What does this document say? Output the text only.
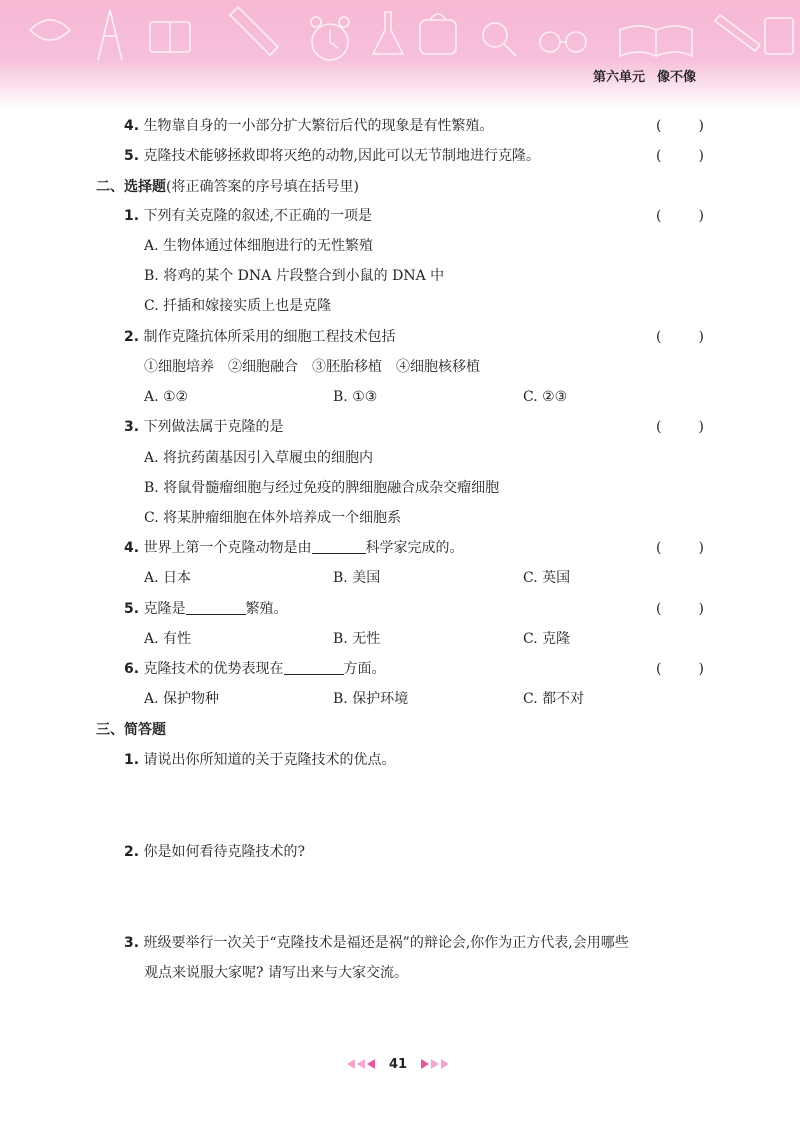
第六单元 像不像
4. 生物靠自身的一小部分扩大繁衍后代的现象是有性繁殖。	(	)
5. 克隆技术能够拯救即将灭绝的动物,因此可以无节制地进行克隆。	(	)
二、选择题(将正确答案的序号填在括号里)
1. 下列有关克隆的叙述,不正确的一项是	(	)
A. 生物体通过体细胞进行的无性繁殖
B. 将鸡的某个 DNA 片段整合到小鼠的 DNA 中
C. 扦插和嫁接实质上也是克隆
2. 制作克隆抗体所采用的细胞工程技术包括	(	)
①细胞培养　②细胞融合　③胚胎移植　④细胞核移植
A. ①②	B. ①③	C. ②③
3. 下列做法属于克隆的是	(	)
A. 将抗药菌基因引入草履虫的细胞内
B. 将鼠骨髓瘤细胞与经过免疫的脾细胞融合成杂交瘤细胞
C. 将某肿瘤细胞在体外培养成一个细胞系
4. 世界上第一个克隆动物是由	科学家完成的。	(	)
A. 日本	B. 美国	C. 英国
5. 克隆是	繁殖。	(	)
A. 有性	B. 无性	C. 克隆
6. 克隆技术的优势表现在	方面。	(	)
A. 保护物种	B. 保护环境	C. 都不对
三、简答题
1. 请说出你所知道的关于克隆技术的优点。
2. 你是如何看待克隆技术的?
3. 班级要举行一次关于“克隆技术是福还是祸”的辩论会,你作为正方代表,会用哪些
观点来说服大家呢? 请写出来与大家交流。
41
